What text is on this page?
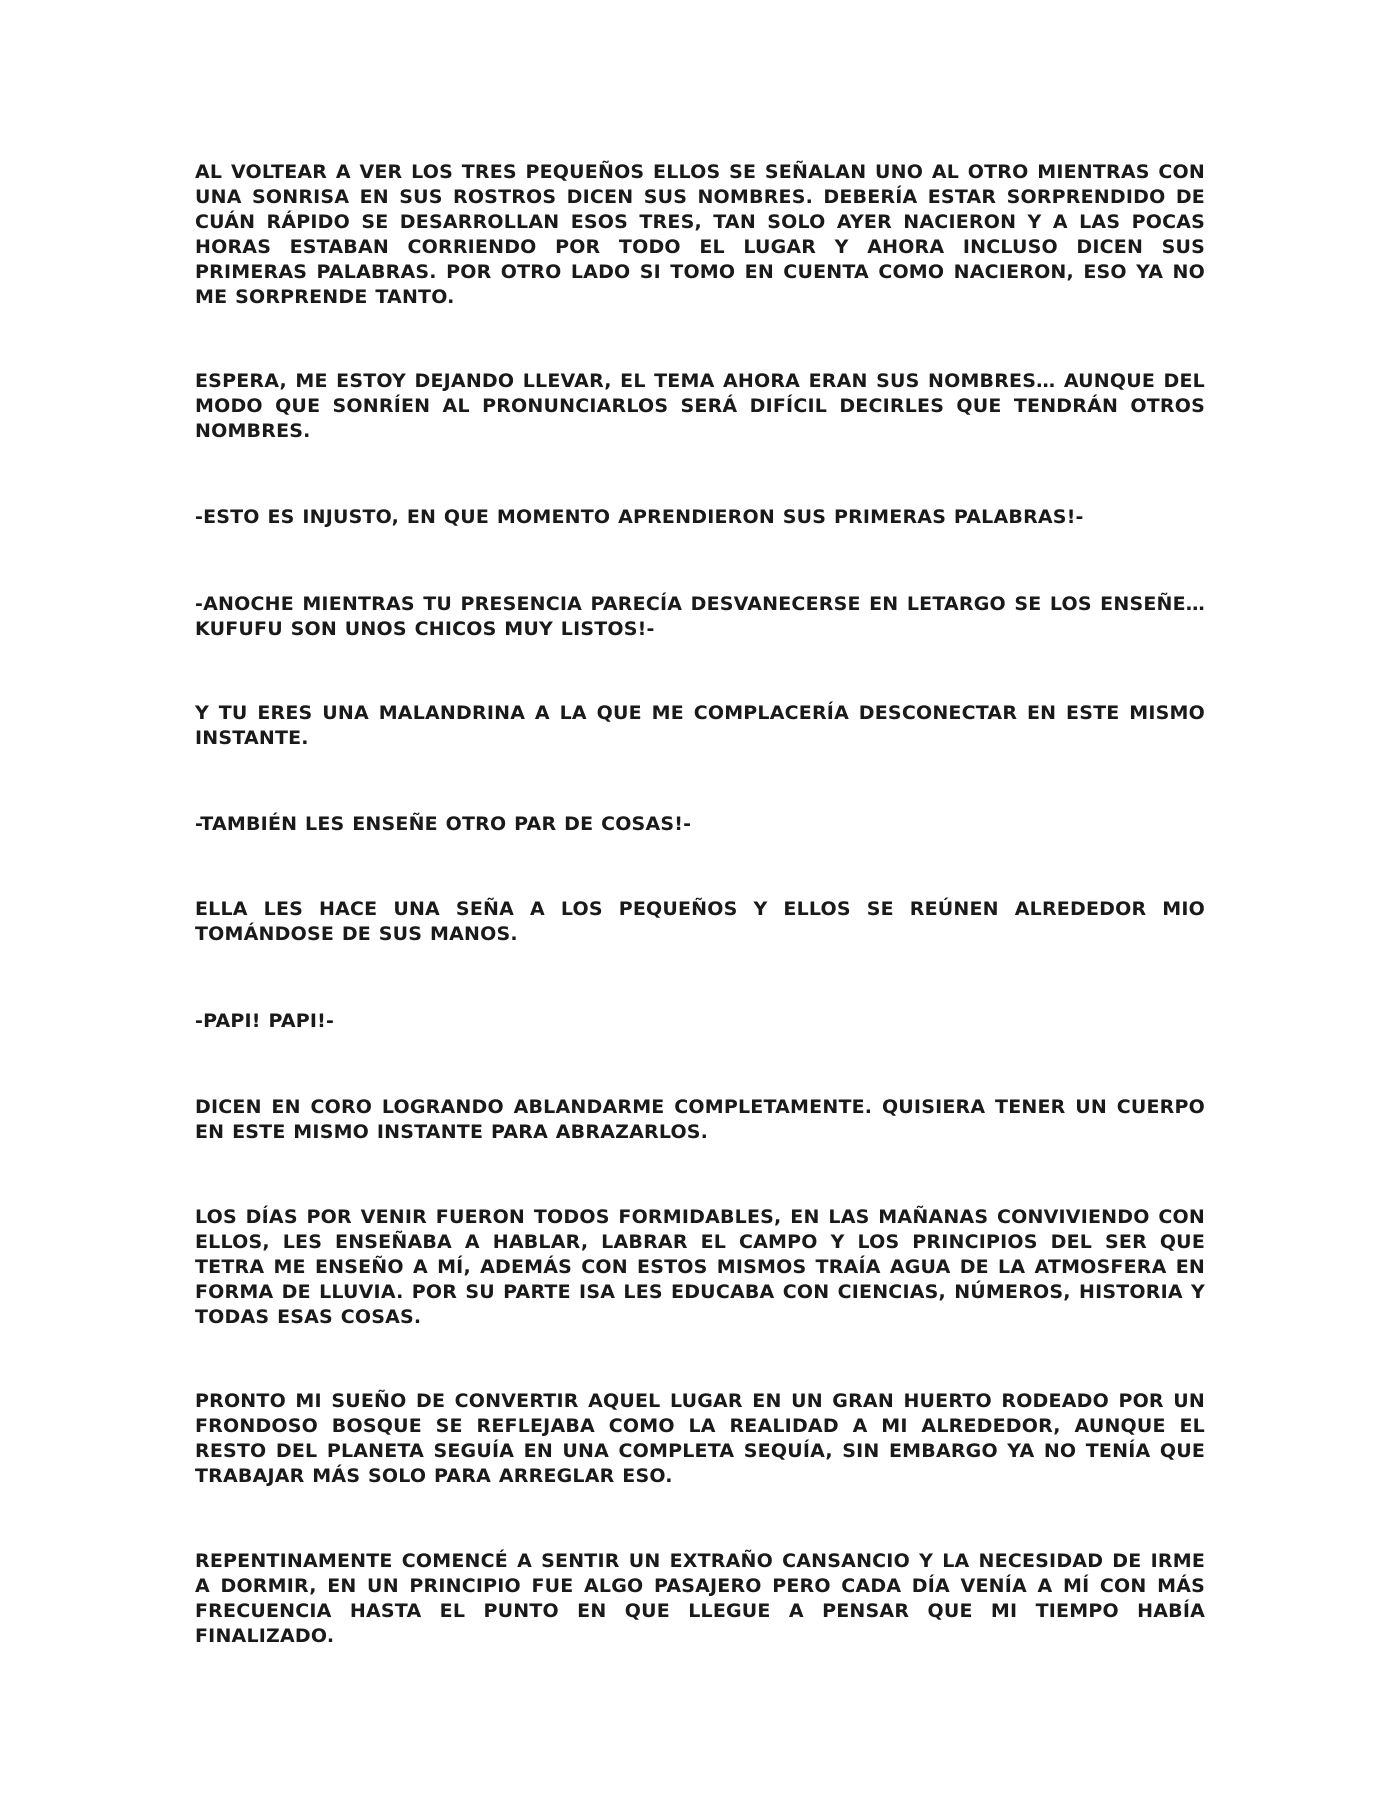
AL VOLTEAR A VER LOS TRES PEQUEÑOS ELLOS SE SEÑALAN UNO AL OTRO MIENTRAS CON UNA SONRISA EN SUS ROSTROS DICEN SUS NOMBRES. DEBERÍA ESTAR SORPRENDIDO DE CUÁN RÁPIDO SE DESARROLLAN ESOS TRES, TAN SOLO AYER NACIERON Y A LAS POCAS HORAS ESTABAN CORRIENDO POR TODO EL LUGAR Y AHORA INCLUSO DICEN SUS PRIMERAS PALABRAS. POR OTRO LADO SI TOMO EN CUENTA COMO NACIERON, ESO YA NO ME SORPRENDE TANTO.

ESPERA, ME ESTOY DEJANDO LLEVAR, EL TEMA AHORA ERAN SUS NOMBRES… AUNQUE DEL MODO QUE SONRÍEN AL PRONUNCIARLOS SERÁ DIFÍCIL DECIRLES QUE TENDRÁN OTROS NOMBRES.

-ESTO ES INJUSTO, EN QUE MOMENTO APRENDIERON SUS PRIMERAS PALABRAS!-

-ANOCHE MIENTRAS TU PRESENCIA PARECÍA DESVANECERSE EN LETARGO SE LOS ENSEÑE… KUFUFU SON UNOS CHICOS MUY LISTOS!-

Y TU ERES UNA MALANDRINA A LA QUE ME COMPLACERÍA DESCONECTAR EN ESTE MISMO INSTANTE.

-TAMBIÉN LES ENSEÑE OTRO PAR DE COSAS!-

ELLA LES HACE UNA SEÑA A LOS PEQUEÑOS Y ELLOS SE REÚNEN ALREDEDOR MIO TOMÁNDOSE DE SUS MANOS.

-PAPI! PAPI!-

DICEN EN CORO LOGRANDO ABLANDARME COMPLETAMENTE. QUISIERA TENER UN CUERPO EN ESTE MISMO INSTANTE PARA ABRAZARLOS.

LOS DÍAS POR VENIR FUERON TODOS FORMIDABLES, EN LAS MAÑANAS CONVIVIENDO CON ELLOS, LES ENSEÑABA A HABLAR, LABRAR EL CAMPO Y LOS PRINCIPIOS DEL SER QUE TETRA ME ENSEÑO A MÍ, ADEMÁS CON ESTOS MISMOS TRAÍA AGUA DE LA ATMOSFERA EN FORMA DE LLUVIA. POR SU PARTE ISA LES EDUCABA CON CIENCIAS, NÚMEROS, HISTORIA Y TODAS ESAS COSAS.

PRONTO MI SUEÑO DE CONVERTIR AQUEL LUGAR EN UN GRAN HUERTO RODEADO POR UN FRONDOSO BOSQUE SE REFLEJABA COMO LA REALIDAD A MI ALREDEDOR, AUNQUE EL RESTO DEL PLANETA SEGUÍA EN UNA COMPLETA SEQUÍA, SIN EMBARGO YA NO TENÍA QUE TRABAJAR MÁS SOLO PARA ARREGLAR ESO.

REPENTINAMENTE COMENCÉ A SENTIR UN EXTRAÑO CANSANCIO Y LA NECESIDAD DE IRME A DORMIR, EN UN PRINCIPIO FUE ALGO PASAJERO PERO CADA DÍA VENÍA A MÍ CON MÁS FRECUENCIA HASTA EL PUNTO EN QUE LLEGUE A PENSAR QUE MI TIEMPO HABÍA FINALIZADO.
